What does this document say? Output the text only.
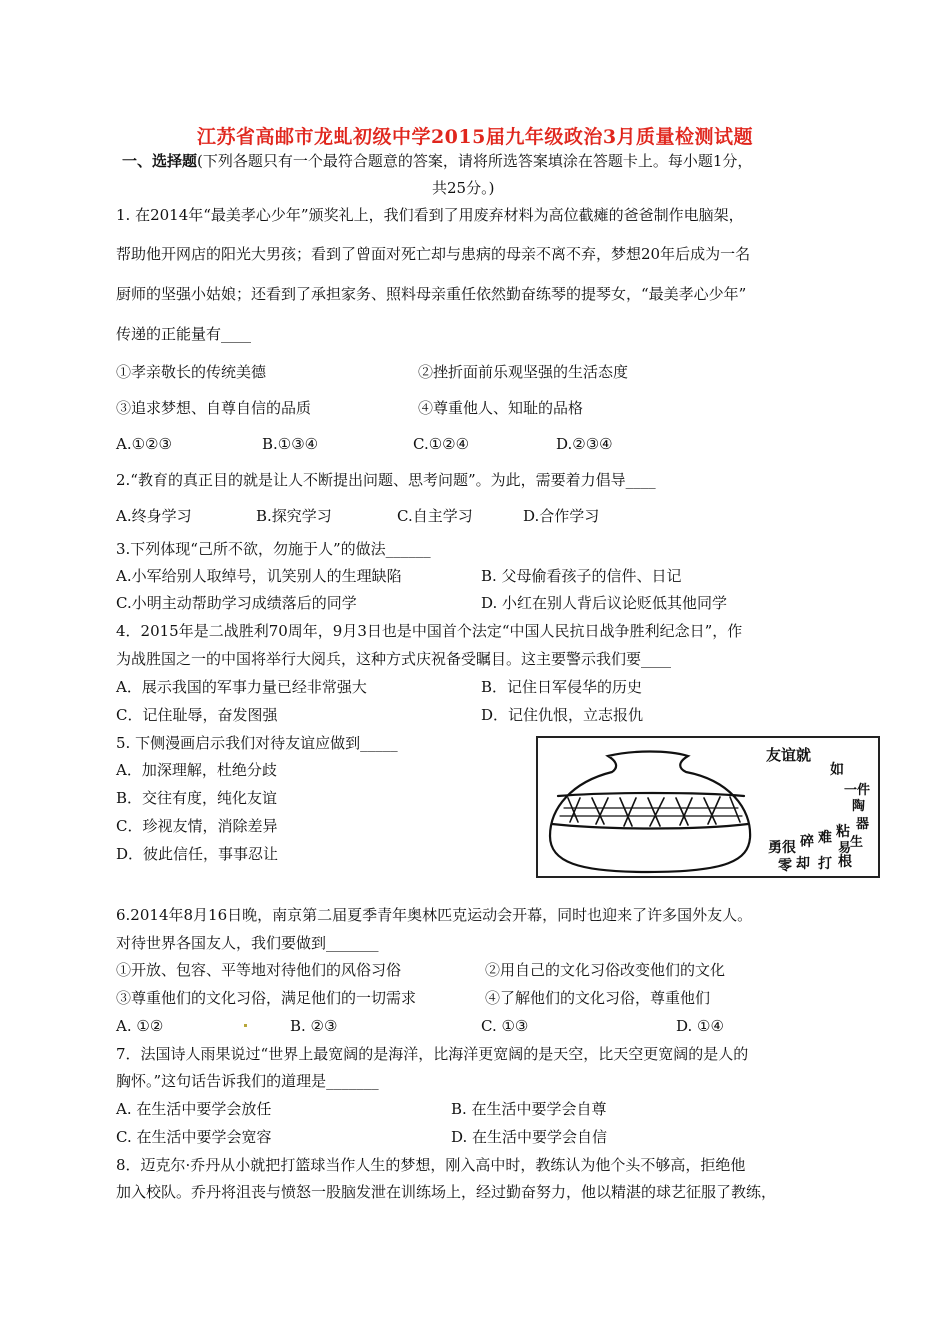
江苏省高邮市龙虬初级中学2015届九年级政治3月质量检测试题
一、选择题(下列各题只有一个最符合题意的答案，请将所选答案填涂在答题卡上。每小题1分，
共25分。)
1. 在2014年“最美孝心少年”颁奖礼上，我们看到了用废弃材料为高位截瘫的爸爸制作电脑架，
帮助他开网店的阳光大男孩；看到了曾面对死亡却与患病的母亲不离不弃，梦想20年后成为一名
厨师的坚强小姑娘；还看到了承担家务、照料母亲重任依然勤奋练琴的提琴女，“最美孝心少年”
传递的正能量有____
①孝亲敬长的传统美德	②挫折面前乐观坚强的生活态度
③追求梦想、自尊自信的品质	④尊重他人、知耻的品格
A.①②③	B.①③④	C.①②④	D.②③④
2.“教育的真正目的就是让人不断提出问题、思考问题”。为此，需要着力倡导____
A.终身学习	B.探究学习	C.自主学习	D.合作学习
3.下列体现“己所不欲，勿施于人”的做法______
A.小军给别人取绰号，讥笑别人的生理缺陷	B. 父母偷看孩子的信件、日记
C.小明主动帮助学习成绩落后的同学	D. 小红在别人背后议论贬低其他同学
4．2015年是二战胜利70周年，9月3日也是中国首个法定“中国人民抗日战争胜利纪念日”，作
为战胜国之一的中国将举行大阅兵，这种方式庆祝备受瞩目。这主要警示我们要____
A．展示我国的军事力量已经非常强大	B．记住日军侵华的历史
C．记住耻辱，奋发图强	D．记住仇恨，立志报仇
5. 下侧漫画启示我们对待友谊应做到_____
A．加深理解，杜绝分歧
B．交往有度，纯化友谊
C．珍视友情，消除差异
D．彼此信任，事事忍让
友谊就
如
一件
陶
器
勇很 碎 难 粘
生
易
零 却 打 根
6.2014年8月16日晚，南京第二届夏季青年奥林匹克运动会开幕，同时也迎来了许多国外友人。
对待世界各国友人，我们要做到_______
①开放、包容、平等地对待他们的风俗习俗	②用自己的文化习俗改变他们的文化
③尊重他们的文化习俗，满足他们的一切需求	④了解他们的文化习俗，尊重他们
A. ①②	B. ②③	C. ①③	D. ①④
7．法国诗人雨果说过“世界上最宽阔的是海洋，比海洋更宽阔的是天空，比天空更宽阔的是人的
胸怀。”这句话告诉我们的道理是_______
A. 在生活中要学会放任	B. 在生活中要学会自尊
C. 在生活中要学会宽容	D. 在生活中要学会自信
8．迈克尔·乔丹从小就把打篮球当作人生的梦想，刚入高中时，教练认为他个头不够高，拒绝他
加入校队。乔丹将沮丧与愤怒一股脑发泄在训练场上，经过勤奋努力，他以精湛的球艺征服了教练，
